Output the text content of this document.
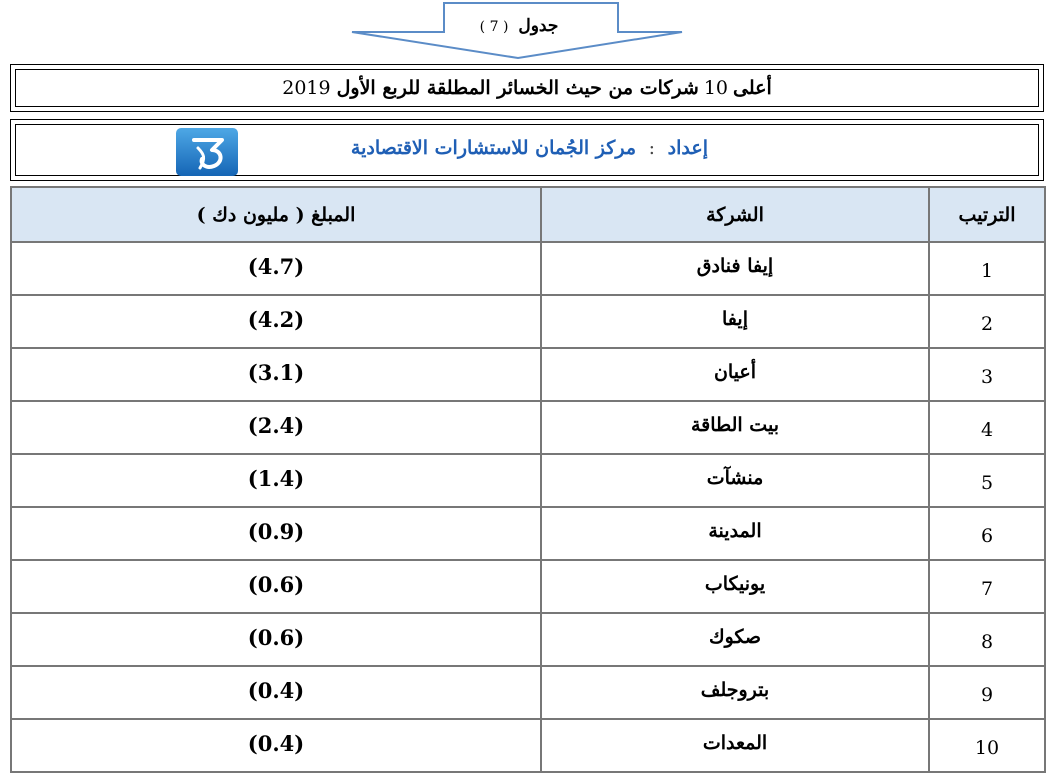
جدول ( 7 )
أعلى
10
شركات من حيث الخسائر المطلقة للربع الأول
2019
إعداد : مركز الجُمان للاستشارات الاقتصادية
الترتيب	الشركة	المبلغ ( مليون دك )
1	إيفا فنادق	(4.7)
2	إيفا	(4.2)
3	أعيان	(3.1)
4	بيت الطاقة	(2.4)
5	منشآت	(1.4)
6	المدينة	(0.9)
7	يونيكاب	(0.6)
8	صكوك	(0.6)
9	بتروجلف	(0.4)
10	المعدات	(0.4)
